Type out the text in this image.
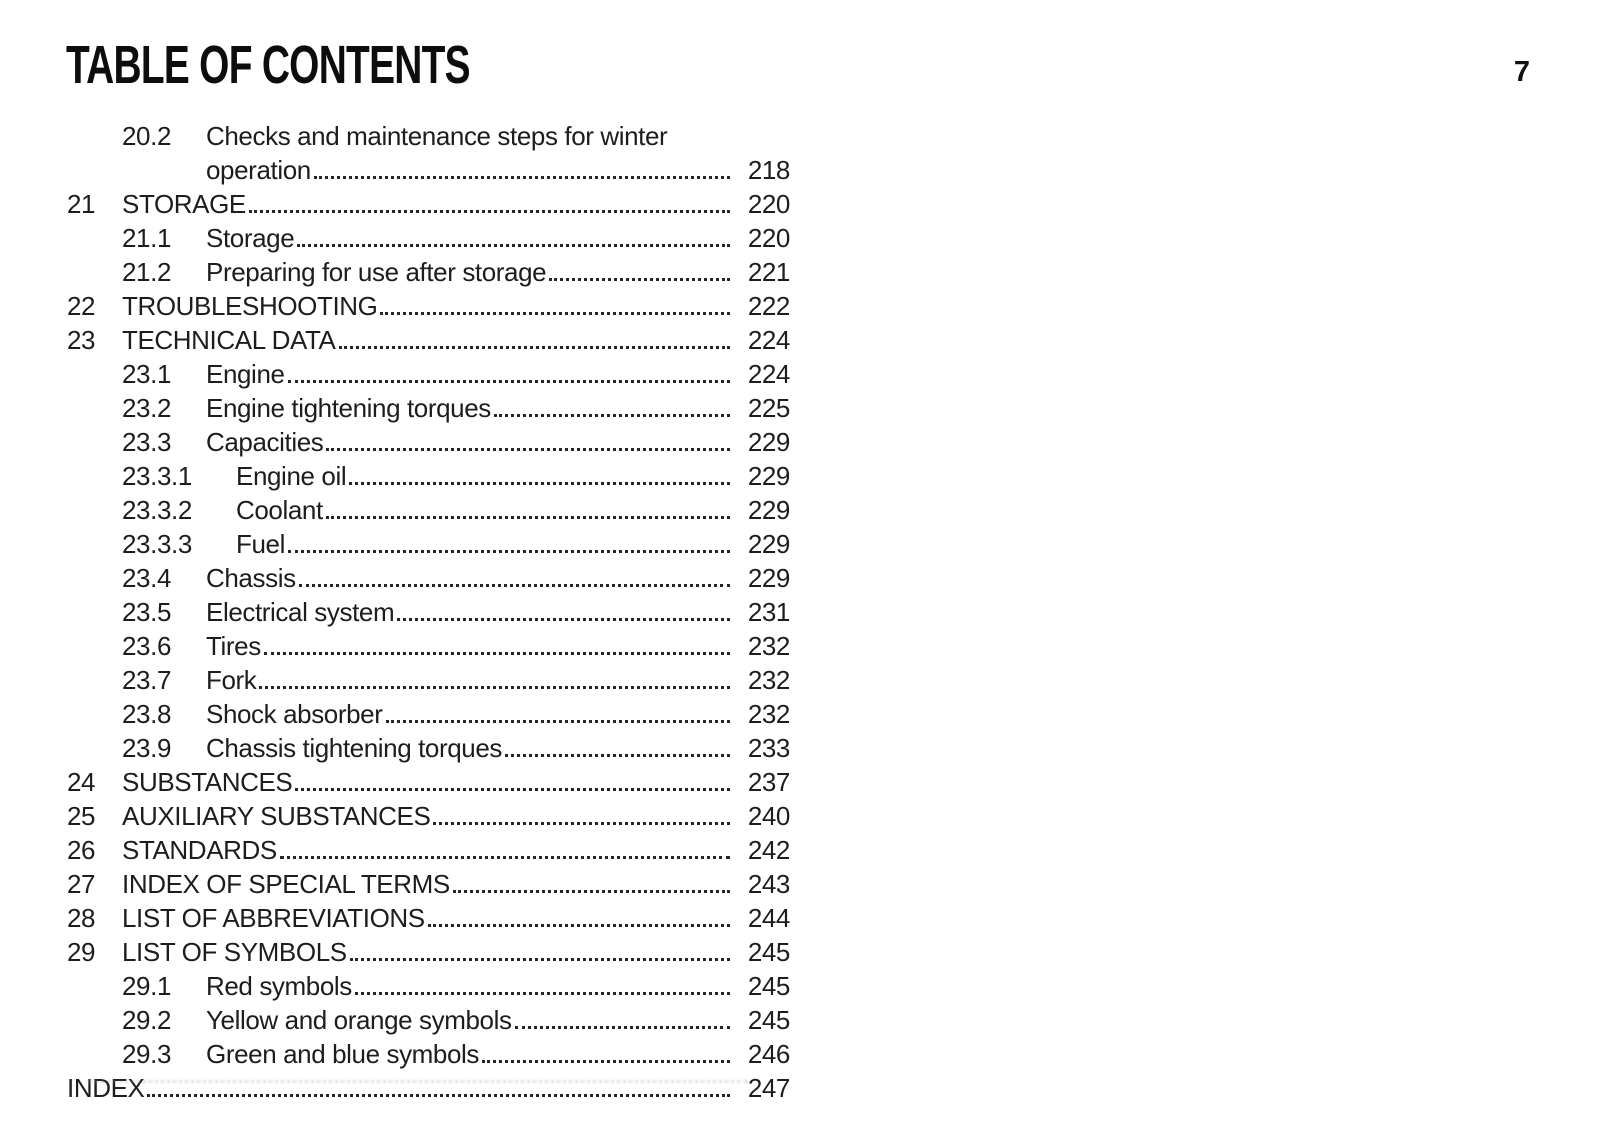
TABLE OF CONTENTS	7
20.2	Checks and maintenance steps for winter
operation	218
21	STORAGE	220
21.1	Storage	220
21.2	Preparing for use after storage	221
22	TROUBLESHOOTING	222
23	TECHNICAL DATA	224
23.1	Engine	224
23.2	Engine tightening torques	225
23.3	Capacities	229
23.3.1	Engine oil	229
23.3.2	Coolant	229
23.3.3	Fuel	229
23.4	Chassis	229
23.5	Electrical system	231
23.6	Tires	232
23.7	Fork	232
23.8	Shock absorber	232
23.9	Chassis tightening torques	233
24	SUBSTANCES	237
25	AUXILIARY SUBSTANCES	240
26	STANDARDS	242
27	INDEX OF SPECIAL TERMS	243
28	LIST OF ABBREVIATIONS	244
29	LIST OF SYMBOLS	245
29.1	Red symbols	245
29.2	Yellow and orange symbols	245
29.3	Green and blue symbols	246
INDEX	247
